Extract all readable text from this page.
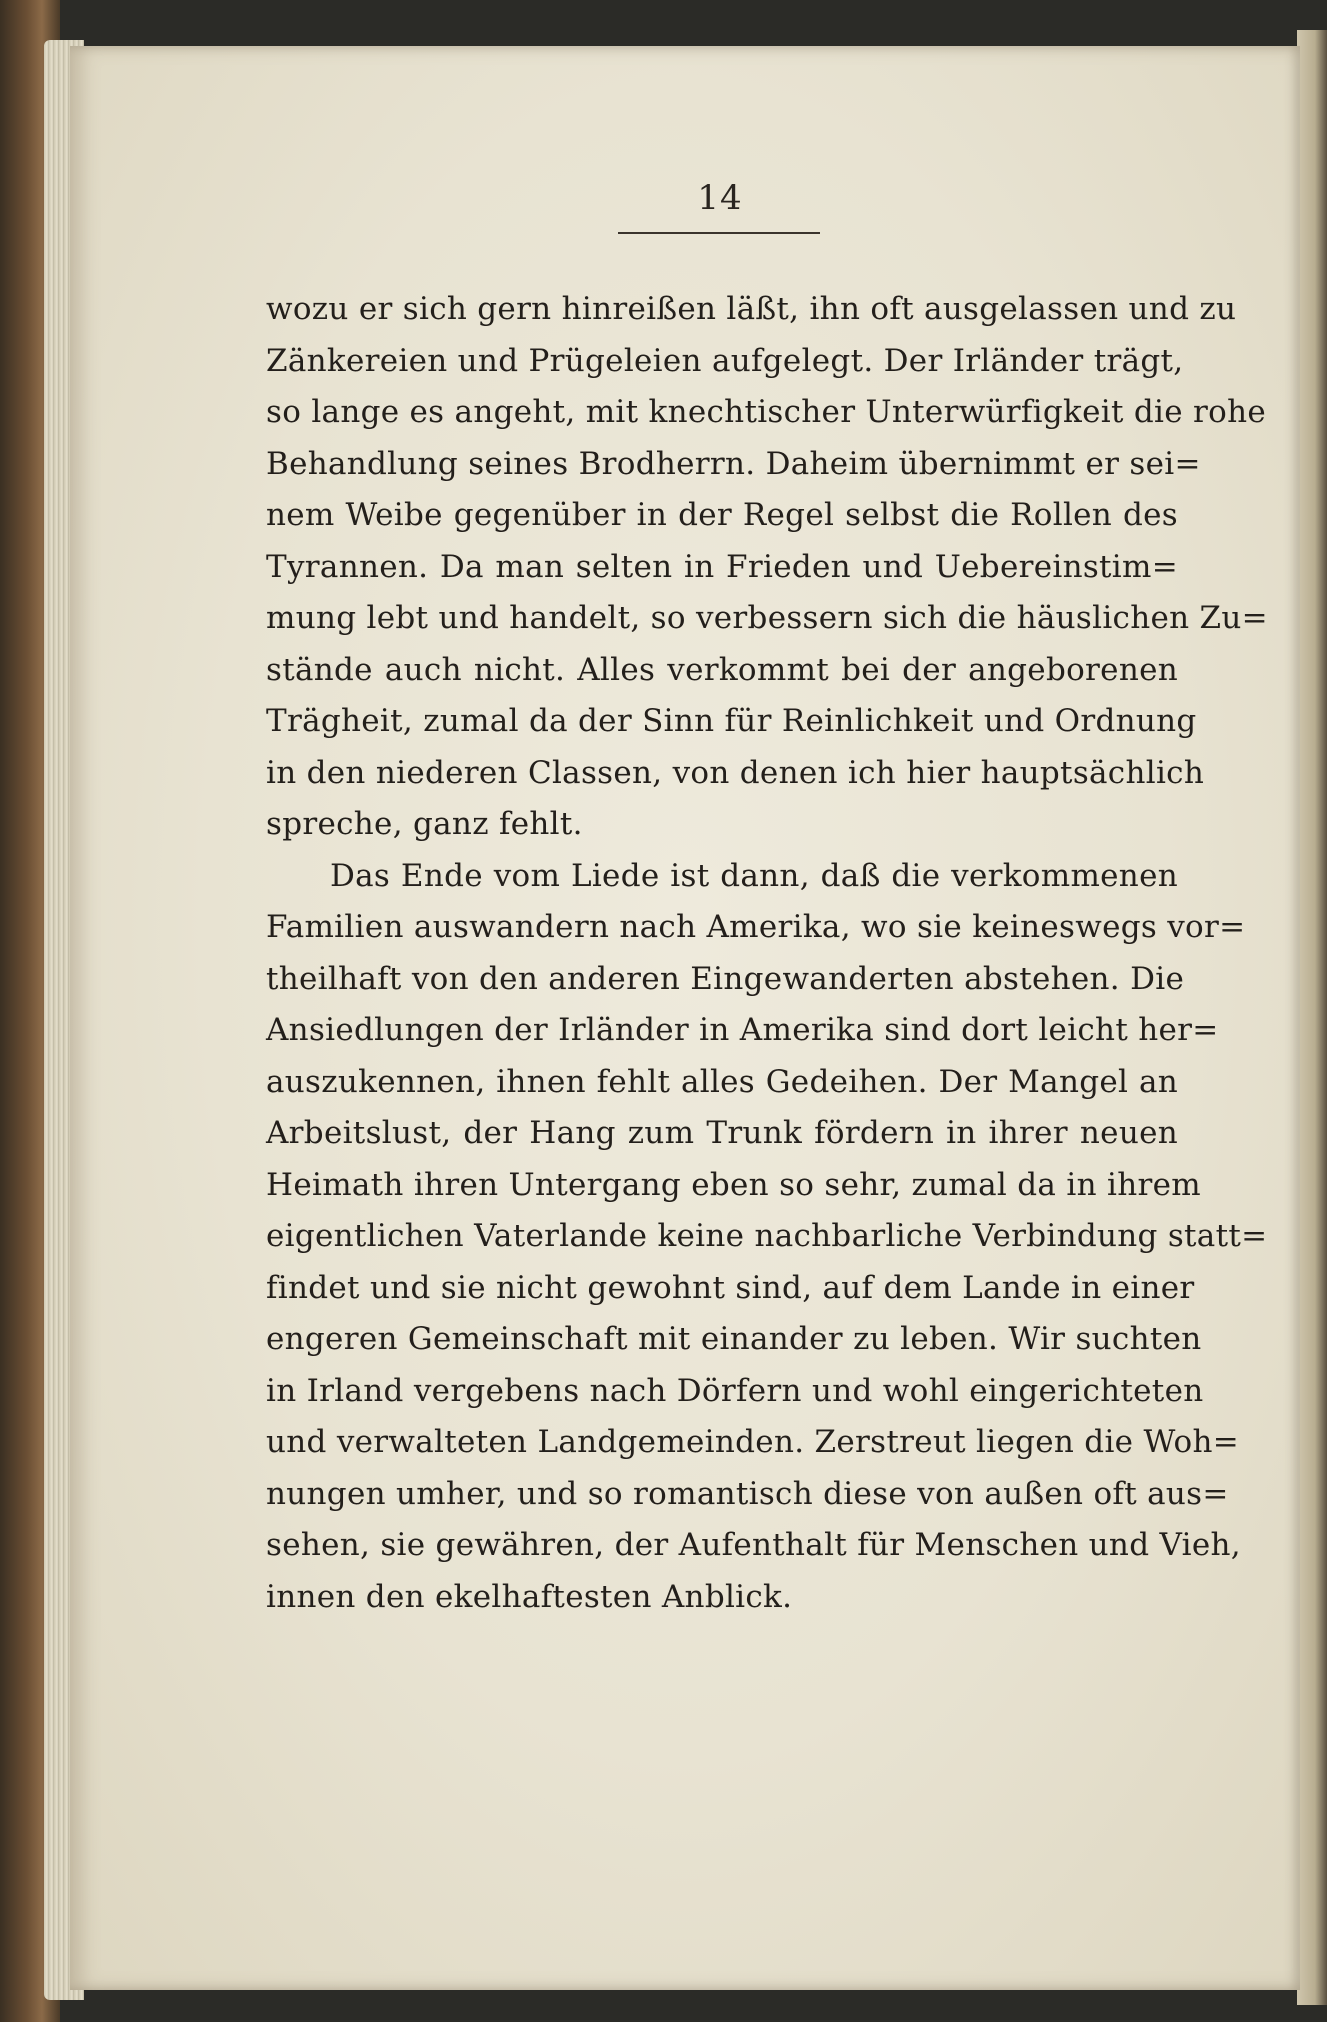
14
wozu er sich gern hinreißen läßt, ihn oft ausgelassen und zu
Zänkereien und Prügeleien aufgelegt. Der Irländer trägt,
so lange es angeht, mit knechtischer Unterwürfigkeit die rohe
Behandlung seines Brodherrn. Daheim übernimmt er sei=
nem Weibe gegenüber in der Regel selbst die Rollen des
Tyrannen. Da man selten in Frieden und Uebereinstim=
mung lebt und handelt, so verbessern sich die häuslichen Zu=
stände auch nicht. Alles verkommt bei der angeborenen
Trägheit, zumal da der Sinn für Reinlichkeit und Ordnung
in den niederen Classen, von denen ich hier hauptsächlich
spreche, ganz fehlt.
Das Ende vom Liede ist dann, daß die verkommenen
Familien auswandern nach Amerika, wo sie keineswegs vor=
theilhaft von den anderen Eingewanderten abstehen. Die
Ansiedlungen der Irländer in Amerika sind dort leicht her=
auszukennen, ihnen fehlt alles Gedeihen. Der Mangel an
Arbeitslust, der Hang zum Trunk fördern in ihrer neuen
Heimath ihren Untergang eben so sehr, zumal da in ihrem
eigentlichen Vaterlande keine nachbarliche Verbindung statt=
findet und sie nicht gewohnt sind, auf dem Lande in einer
engeren Gemeinschaft mit einander zu leben. Wir suchten
in Irland vergebens nach Dörfern und wohl eingerichteten
und verwalteten Landgemeinden. Zerstreut liegen die Woh=
nungen umher, und so romantisch diese von außen oft aus=
sehen, sie gewähren, der Aufenthalt für Menschen und Vieh,
innen den ekelhaftesten Anblick.
